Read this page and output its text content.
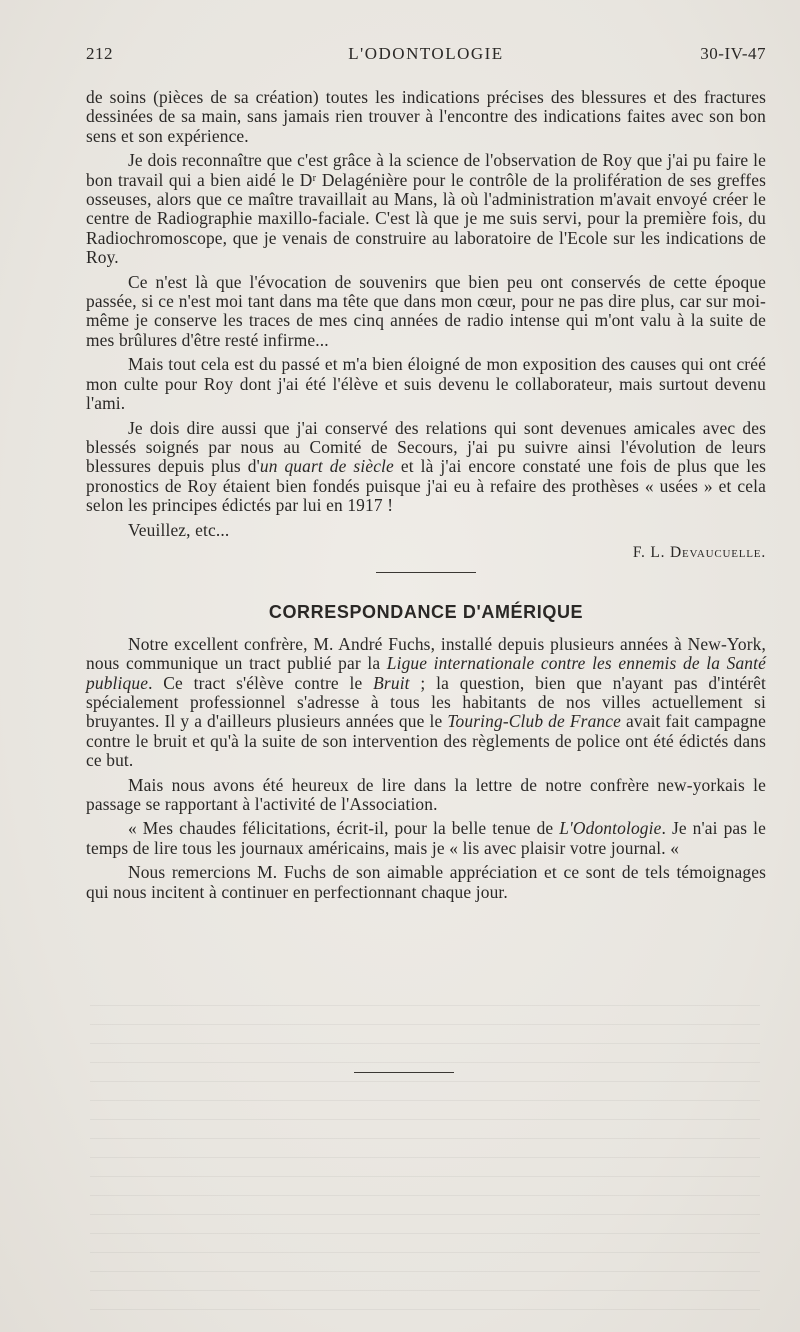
212	L'ODONTOLOGIE	30-IV-47

de soins (pièces de sa création) toutes les indications précises des blessures et des fractures dessinées de sa main, sans jamais rien trouver à l'encontre des indications faites avec son bon sens et son expérience.

Je dois reconnaître que c'est grâce à la science de l'observation de Roy que j'ai pu faire le bon travail qui a bien aidé le Dʳ Delagénière pour le contrôle de la prolifération de ses greffes osseuses, alors que ce maître travaillait au Mans, là où l'administration m'avait envoyé créer le centre de Radiographie maxillo-faciale. C'est là que je me suis servi, pour la première fois, du Radiochromoscope, que je venais de construire au laboratoire de l'Ecole sur les indications de Roy.

Ce n'est là que l'évocation de souvenirs que bien peu ont conservés de cette époque passée, si ce n'est moi tant dans ma tête que dans mon cœur, pour ne pas dire plus, car sur moi-même je conserve les traces de mes cinq années de radio intense qui m'ont valu à la suite de mes brûlures d'être resté infirme...

Mais tout cela est du passé et m'a bien éloigné de mon exposition des causes qui ont créé mon culte pour Roy dont j'ai été l'élève et suis devenu le collaborateur, mais surtout devenu l'ami.

Je dois dire aussi que j'ai conservé des relations qui sont devenues amicales avec des blessés soignés par nous au Comité de Secours, j'ai pu suivre ainsi l'évolution de leurs blessures depuis plus d'un quart de siècle et là j'ai encore constaté une fois de plus que les pronostics de Roy étaient bien fondés puisque j'ai eu à refaire des prothèses « usées » et cela selon les principes édictés par lui en 1917 !

Veuillez, etc...

F. L. Devaucuelle.
CORRESPONDANCE D'AMÉRIQUE

Notre excellent confrère, M. André Fuchs, installé depuis plusieurs années à New-York, nous communique un tract publié par la Ligue internationale contre les ennemis de la Santé publique. Ce tract s'élève contre le Bruit ; la question, bien que n'ayant pas d'intérêt spécialement professionnel s'adresse à tous les habitants de nos villes actuellement si bruyantes. Il y a d'ailleurs plusieurs années que le Touring-Club de France avait fait campagne contre le bruit et qu'à la suite de son intervention des règlements de police ont été édictés dans ce but.

Mais nous avons été heureux de lire dans la lettre de notre confrère new-yorkais le passage se rapportant à l'activité de l'Association.

« Mes chaudes félicitations, écrit-il, pour la belle tenue de L'Odontologie. Je n'ai pas le temps de lire tous les journaux américains, mais je « lis avec plaisir votre journal. «

Nous remercions M. Fuchs de son aimable appréciation et ce sont de tels témoignages qui nous incitent à continuer en perfectionnant chaque jour.
